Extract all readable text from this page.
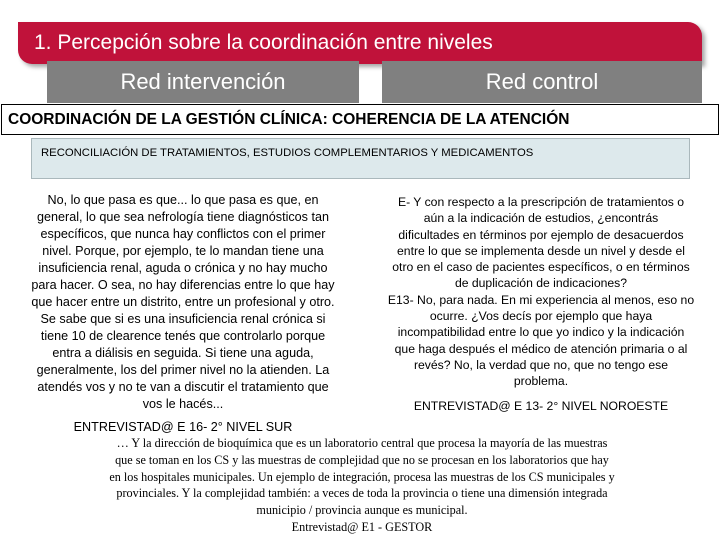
1. Percepción sobre la coordinación entre niveles
Red intervención	Red control
COORDINACIÓN DE LA GESTIÓN CLÍNICA: COHERENCIA DE LA ATENCIÓN
RECONCILIACIÓN DE TRATAMIENTOS, ESTUDIOS COMPLEMENTARIOS Y MEDICAMENTOS
No, lo que pasa es que... lo que pasa es que, en
general, lo que sea nefrología tiene diagnósticos tan
específicos, que nunca hay conflictos con el primer
nivel. Porque, por ejemplo, te lo mandan tiene una
insuficiencia renal, aguda o crónica y no hay mucho
para hacer. O sea, no hay diferencias entre lo que hay
que hacer entre un distrito, entre un profesional y otro.
Se sabe que si es una insuficiencia renal crónica si
tiene 10 de clearence tenés que controlarlo porque
entra a diálisis en seguida. Si tiene una aguda,
generalmente, los del primer nivel no la atienden. La
atendés vos y no te van a discutir el tratamiento que
vos le hacés...
ENTREVISTAD@ E 16- 2° NIVEL SUR
E- Y con respecto a la prescripción de tratamientos o
aún a la indicación de estudios, ¿encontrás
dificultades en términos por ejemplo de desacuerdos
entre lo que se implementa desde un nivel y desde el
otro en el caso de pacientes específicos, o en términos
de duplicación de indicaciones?
E13- No, para nada. En mi experiencia al menos, eso no
ocurre. ¿Vos decís por ejemplo que haya
incompatibilidad entre lo que yo indico y la indicación
que haga después el médico de atención primaria o al
revés? No, la verdad que no, que no tengo ese
problema.
ENTREVISTAD@ E 13- 2° NIVEL NOROESTE
… Y la dirección de bioquímica que es un laboratorio central que procesa la mayoría de las muestras
que se toman en los CS y las muestras de complejidad que no se procesan en los laboratorios que hay
en los hospitales municipales. Un ejemplo de integración, procesa las muestras de los CS municipales y
provinciales. Y la complejidad también: a veces de toda la provincia o tiene una dimensión integrada
municipio / provincia aunque es municipal.
Entrevistad@ E1 - GESTOR
